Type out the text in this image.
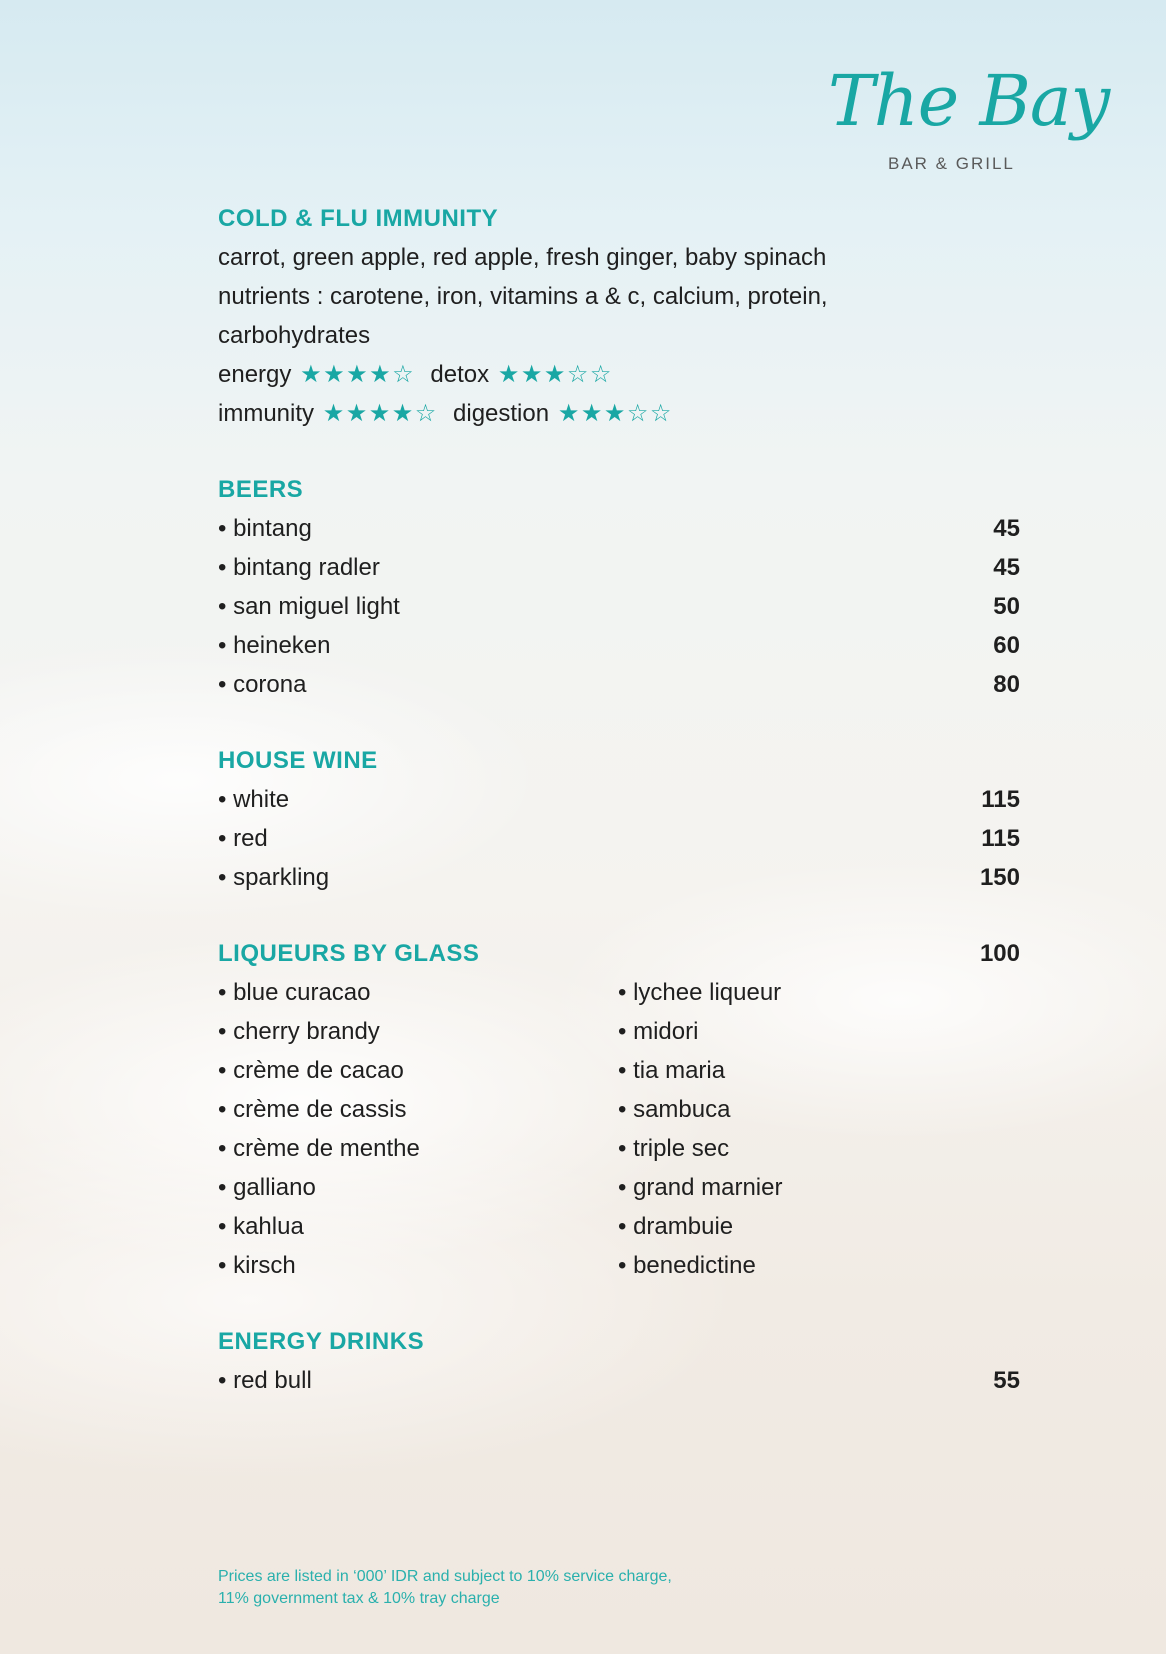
The Bay
BAR & GRILL
COLD & FLU IMMUNITY
carrot, green apple, red apple, fresh ginger, baby spinach
nutrients : carotene, iron, vitamins a & c, calcium, protein,
carbohydrates
energy ★ ★ ★ ★ ☆ detox ★ ★ ★ ☆ ☆
immunity ★ ★ ★ ★ ☆ digestion ★ ★ ★ ☆ ☆
BEERS
• bintang	45
• bintang radler	45
• san miguel light	50
• heineken	60
• corona	80
HOUSE WINE
• white	115
• red	115
• sparkling	150
LIQUEURS BY GLASS	100
• blue curacao
• cherry brandy
• crème de cacao
• crème de cassis
• crème de menthe
• galliano
• kahlua
• kirsch
• lychee liqueur
• midori
• tia maria
• sambuca
• triple sec
• grand marnier
• drambuie
• benedictine
ENERGY DRINKS
• red bull	55
Prices are listed in ‘000’ IDR and subject to 10% service charge,
11% government tax & 10% tray charge
